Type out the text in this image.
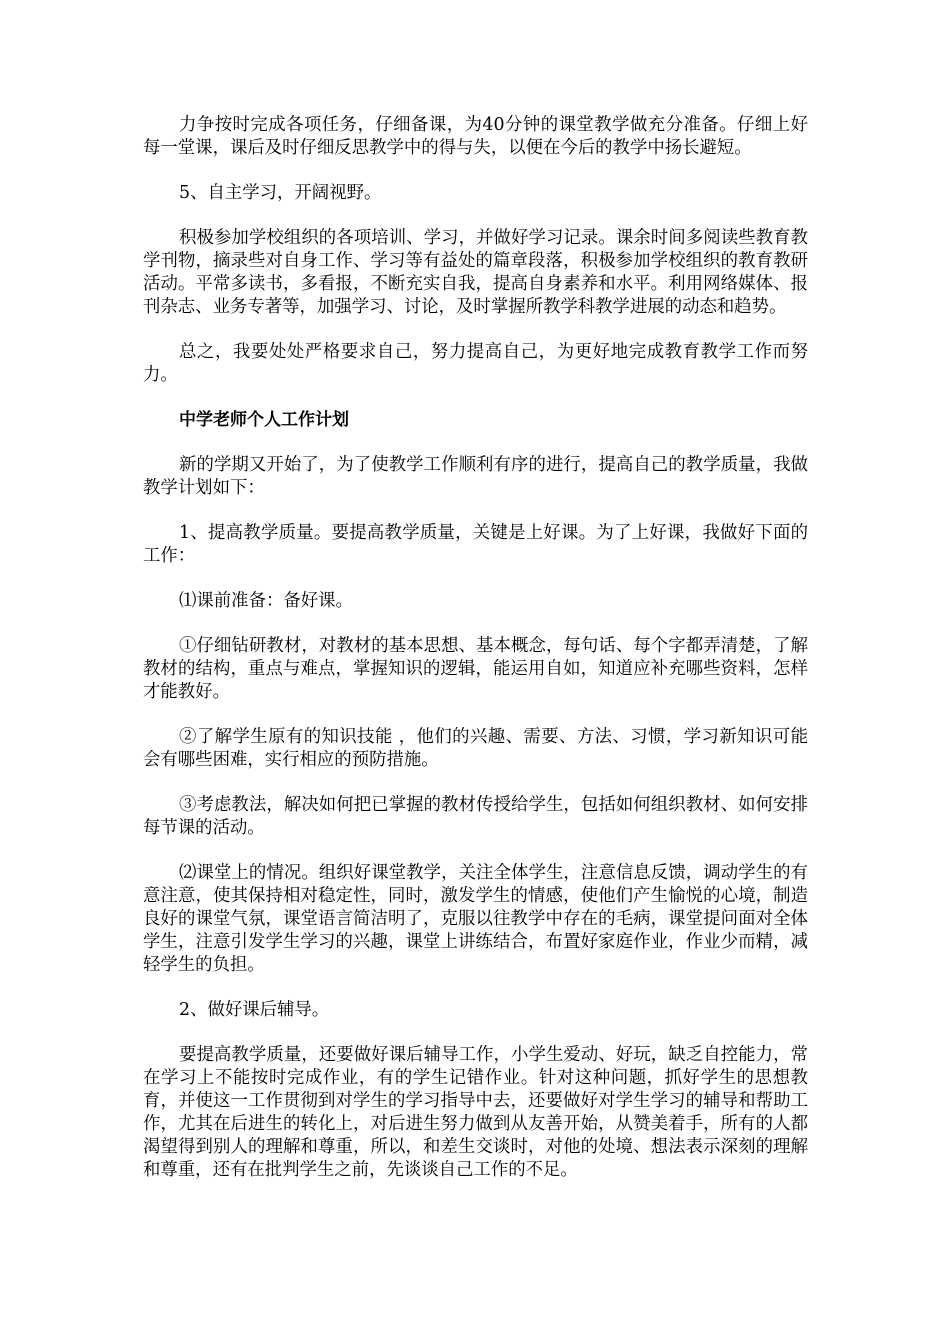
力争按时完成各项任务，仔细备课，为40分钟的课堂教学做充分准备。仔细上好每一堂课，课后及时仔细反思教学中的得与失，以便在今后的教学中扬长避短。

5、自主学习，开阔视野。

积极参加学校组织的各项培训、学习，并做好学习记录。课余时间多阅读些教育教学刊物，摘录些对自身工作、学习等有益处的篇章段落，积极参加学校组织的教育教研活动。平常多读书，多看报，不断充实自我，提高自身素养和水平。利用网络媒体、报刊杂志、业务专著等，加强学习、讨论，及时掌握所教学科教学进展的动态和趋势。

总之，我要处处严格要求自己，努力提高自己，为更好地完成教育教学工作而努力。

中学老师个人工作计划

新的学期又开始了，为了使教学工作顺利有序的进行，提高自己的教学质量，我做教学计划如下：

1、提高教学质量。要提高教学质量，关键是上好课。为了上好课，我做好下面的工作：

⑴课前准备：备好课。

①仔细钻研教材，对教材的基本思想、基本概念，每句话、每个字都弄清楚，了解教材的结构，重点与难点，掌握知识的逻辑，能运用自如，知道应补充哪些资料，怎样才能教好。

②了解学生原有的知识技能 ，他们的兴趣、需要、方法、习惯，学习新知识可能会有哪些困难，实行相应的预防措施。

③考虑教法，解决如何把已掌握的教材传授给学生，包括如何组织教材、如何安排每节课的活动。

⑵课堂上的情况。组织好课堂教学，关注全体学生，注意信息反馈，调动学生的有意注意，使其保持相对稳定性，同时，激发学生的情感，使他们产生愉悦的心境，制造良好的课堂气氛，课堂语言简洁明了，克服以往教学中存在的毛病，课堂提问面对全体学生，注意引发学生学习的兴趣，课堂上讲练结合，布置好家庭作业，作业少而精，减轻学生的负担。

2、做好课后辅导。

要提高教学质量，还要做好课后辅导工作，小学生爱动、好玩，缺乏自控能力，常在学习上不能按时完成作业，有的学生记错作业。针对这种问题，抓好学生的思想教育，并使这一工作贯彻到对学生的学习指导中去，还要做好对学生学习的辅导和帮助工作，尤其在后进生的转化上，对后进生努力做到从友善开始，从赞美着手，所有的人都渴望得到别人的理解和尊重，所以，和差生交谈时，对他的处境、想法表示深刻的理解和尊重，还有在批判学生之前，先谈谈自己工作的不足。
